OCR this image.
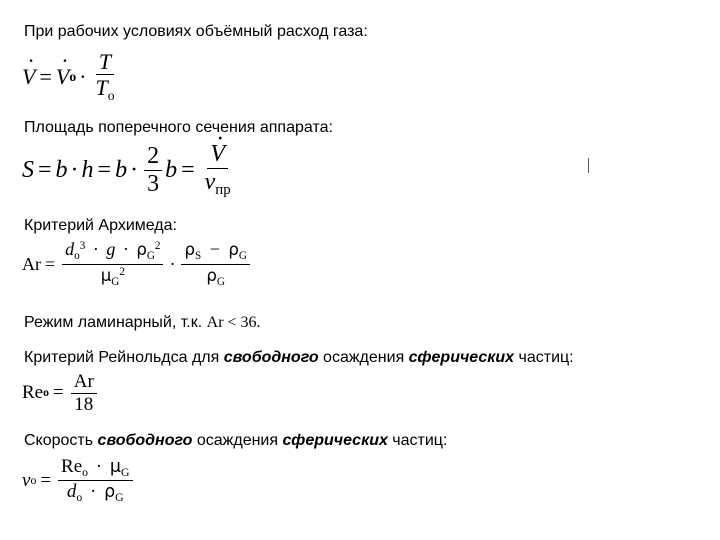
При рабочих условиях объёмный расход газа:
· V = · V $o \cdot \frac{T}{T_o}$
Площадь поперечного сечения аппарата:
$S = b \cdot h = b \cdot \frac{2}{3}$ b = · $\frac{V}{v_{пр}}$
Критерий Архимеда:
$Ar = \frac{d_o^3 \cdot g \cdot \rho_G^2}{\mu_G^2} \cdot \frac{\rho_S - \rho_G}{\rho_G}$
Режим ламинарный, т.к. Ar < 36.
Критерий Рейнольдса для свободного осаждения сферических частиц:
Re $o = \frac{Ar}{18}$
Скорость свободного осаждения сферических частиц:
v $o = \frac{Re_o \cdot \mu_G}{d_o \cdot \rho_G}$
